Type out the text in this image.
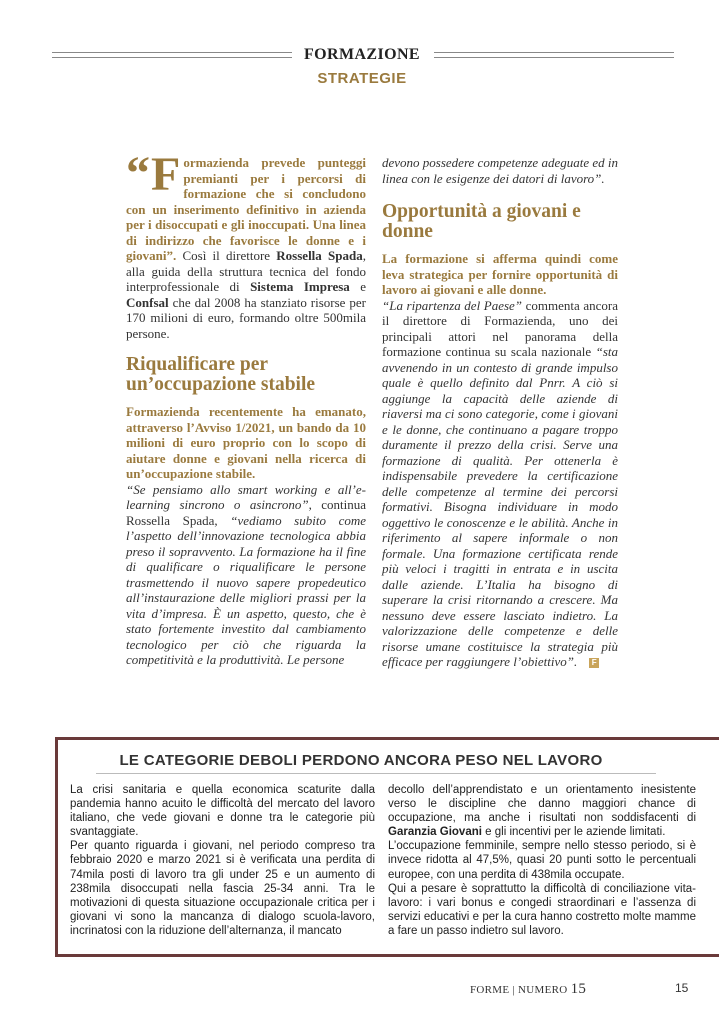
FORMAZIONE
STRATEGIE

“ F ormazienda prevede punteggi premianti per i percorsi di formazione che si concludono con un inserimento definitivo in azienda per i disoccupati e gli inoccupati. Una linea di indirizzo che favorisce le donne e i giovani”. Così il direttore Rossella Spada, alla guida della struttura tecnica del fondo interprofessionale di Sistema Impresa e Confsal che dal 2008 ha stanziato risorse per 170 milioni di euro, formando oltre 500mila persone.

Riqualificare per un’occupazione stabile

Formazienda recentemente ha emanato, attraverso l’Avviso 1/2021, un bando da 10 milioni di euro proprio con lo scopo di aiutare donne e giovani nella ricerca di un’occupazione stabile.
“Se pensiamo allo smart working e all’e-learning sincrono o asincrono”, continua Rossella Spada, “vediamo subito come l’aspetto dell’innovazione tecnologica abbia preso il sopravvento. La formazione ha il fine di qualificare o riqualificare le persone trasmettendo il nuovo sapere propedeutico all’instaurazione delle migliori prassi per la vita d’impresa. È un aspetto, questo, che è stato fortemente investito dal cambiamento tecnologico per ciò che riguarda la competitività e la produttività. Le persone

devono possedere competenze adeguate ed in linea con le esigenze dei datori di lavoro”.

Opportunità a giovani e donne

La formazione si afferma quindi come leva strategica per fornire opportunità di lavoro ai giovani e alle donne.
“La ripartenza del Paese” commenta ancora il direttore di Formazienda, uno dei principali attori nel panorama della formazione continua su scala nazionale “sta avvenendo in un contesto di grande impulso quale è quello definito dal Pnrr. A ciò si aggiunge la capacità delle aziende di riaversi ma ci sono categorie, come i giovani e le donne, che continuano a pagare troppo duramente il prezzo della crisi. Serve una formazione di qualità. Per ottenerla è indispensabile prevedere la certificazione delle competenze al termine dei percorsi formativi. Bisogna individuare in modo oggettivo le conoscenze e le abilità. Anche in riferimento al sapere informale o non formale. Una formazione certificata rende più veloci i tragitti in entrata e in uscita dalle aziende. L’Italia ha bisogno di superare la crisi ritornando a crescere. Ma nessuno deve essere lasciato indietro. La valorizzazione delle competenze e delle risorse umane costituisce la strategia più efficace per raggiungere l’obiettivo”. F

LE CATEGORIE DEBOLI PERDONO ANCORA PESO NEL LAVORO

La crisi sanitaria e quella economica scaturite dalla pandemia hanno acuito le difficoltà del mercato del lavoro italiano, che vede giovani e donne tra le categorie più svantaggiate.

Per quanto riguarda i giovani, nel periodo compreso tra febbraio 2020 e marzo 2021 si è verificata una perdita di 74mila posti di lavoro tra gli under 25 e un aumento di 238mila disoccupati nella fascia 25-34 anni. Tra le motivazioni di questa situazione occupazionale critica per i giovani vi sono la mancanza di dialogo scuola-lavoro, incrinatosi con la riduzione dell’alternanza, il mancato

decollo dell’apprendistato e un orientamento inesistente verso le discipline che danno maggiori chance di occupazione, ma anche i risultati non soddisfacenti di Garanzia Giovani e gli incentivi per le aziende limitati.

L’occupazione femminile, sempre nello stesso periodo, si è invece ridotta al 47,5%, quasi 20 punti sotto le percentuali europee, con una perdita di 438mila occupate.

Qui a pesare è soprattutto la difficoltà di conciliazione vita-lavoro: i vari bonus e congedi straordinari e l’assenza di servizi educativi e per la cura hanno costretto molte mamme a fare un passo indietro sul lavoro.

FORME | NUMERO 15	15
